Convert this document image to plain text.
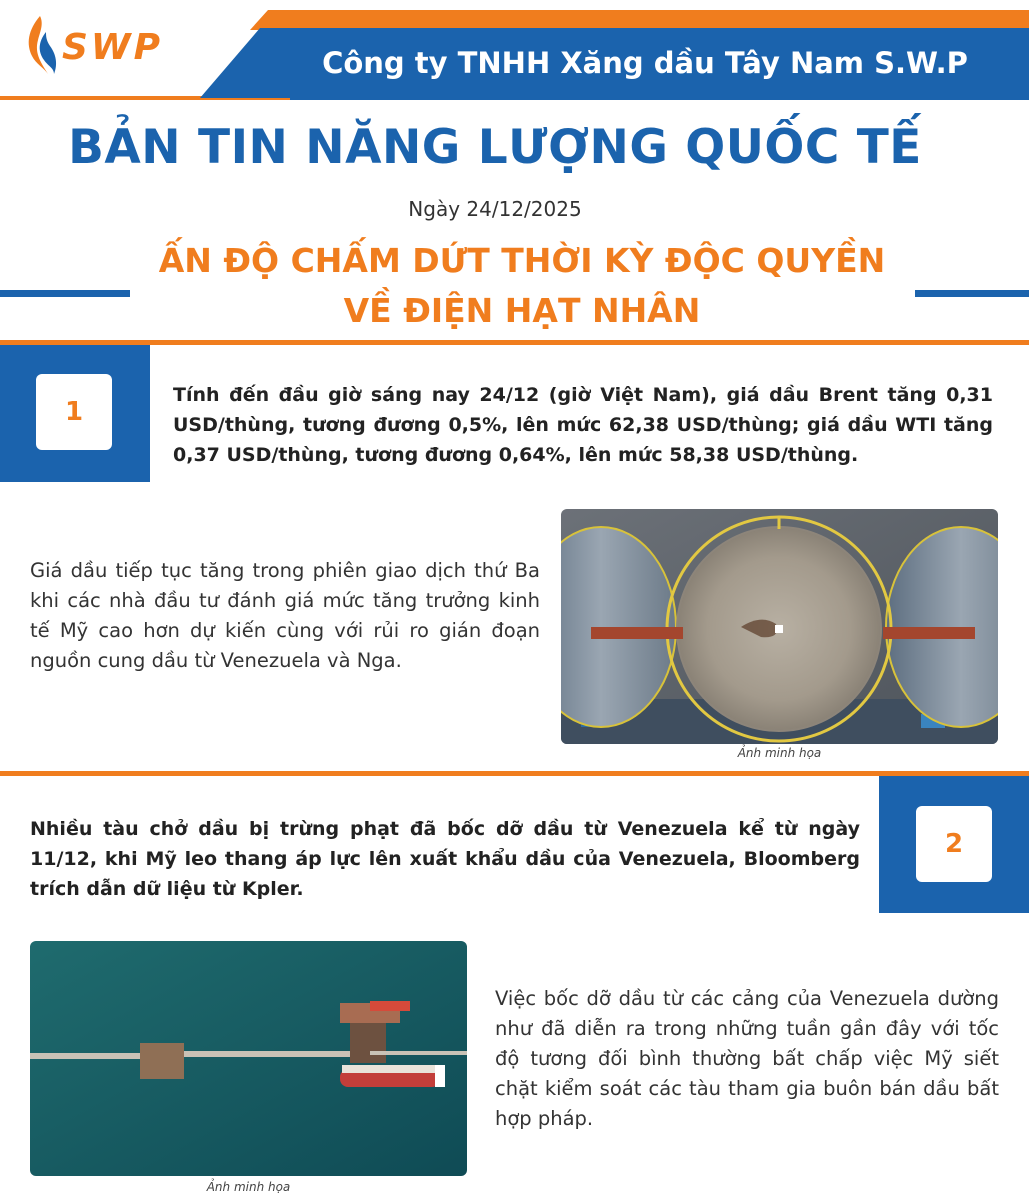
SWP	Công ty TNHH Xăng dầu Tây Nam S.W.P
BẢN TIN NĂNG LƯỢNG QUỐC TẾ
Ngày 24/12/2025
ẤN ĐỘ CHẤM DỨT THỜI KỲ ĐỘC QUYỀN
VỀ ĐIỆN HẠT NHÂN
1
Tính đến đầu giờ sáng nay 24/12 (giờ Việt Nam), giá dầu Brent tăng 0,31 USD/thùng, tương đương 0,5%, lên mức 62,38 USD/thùng; giá dầu WTI tăng 0,37 USD/thùng, tương đương 0,64%, lên mức 58,38 USD/thùng.
Giá dầu tiếp tục tăng trong phiên giao dịch thứ Ba khi các nhà đầu tư đánh giá mức tăng trưởng kinh tế Mỹ cao hơn dự kiến cùng với rủi ro gián đoạn nguồn cung dầu từ Venezuela và Nga.
Ảnh minh họa
2
Nhiều tàu chở dầu bị trừng phạt đã bốc dỡ dầu từ Venezuela kể từ ngày 11/12, khi Mỹ leo thang áp lực lên xuất khẩu dầu của Venezuela, Bloomberg trích dẫn dữ liệu từ Kpler.
Ảnh minh họa
Việc bốc dỡ dầu từ các cảng của Venezuela dường như đã diễn ra trong những tuần gần đây với tốc độ tương đối bình thường bất chấp việc Mỹ siết chặt kiểm soát các tàu tham gia buôn bán dầu bất hợp pháp.
